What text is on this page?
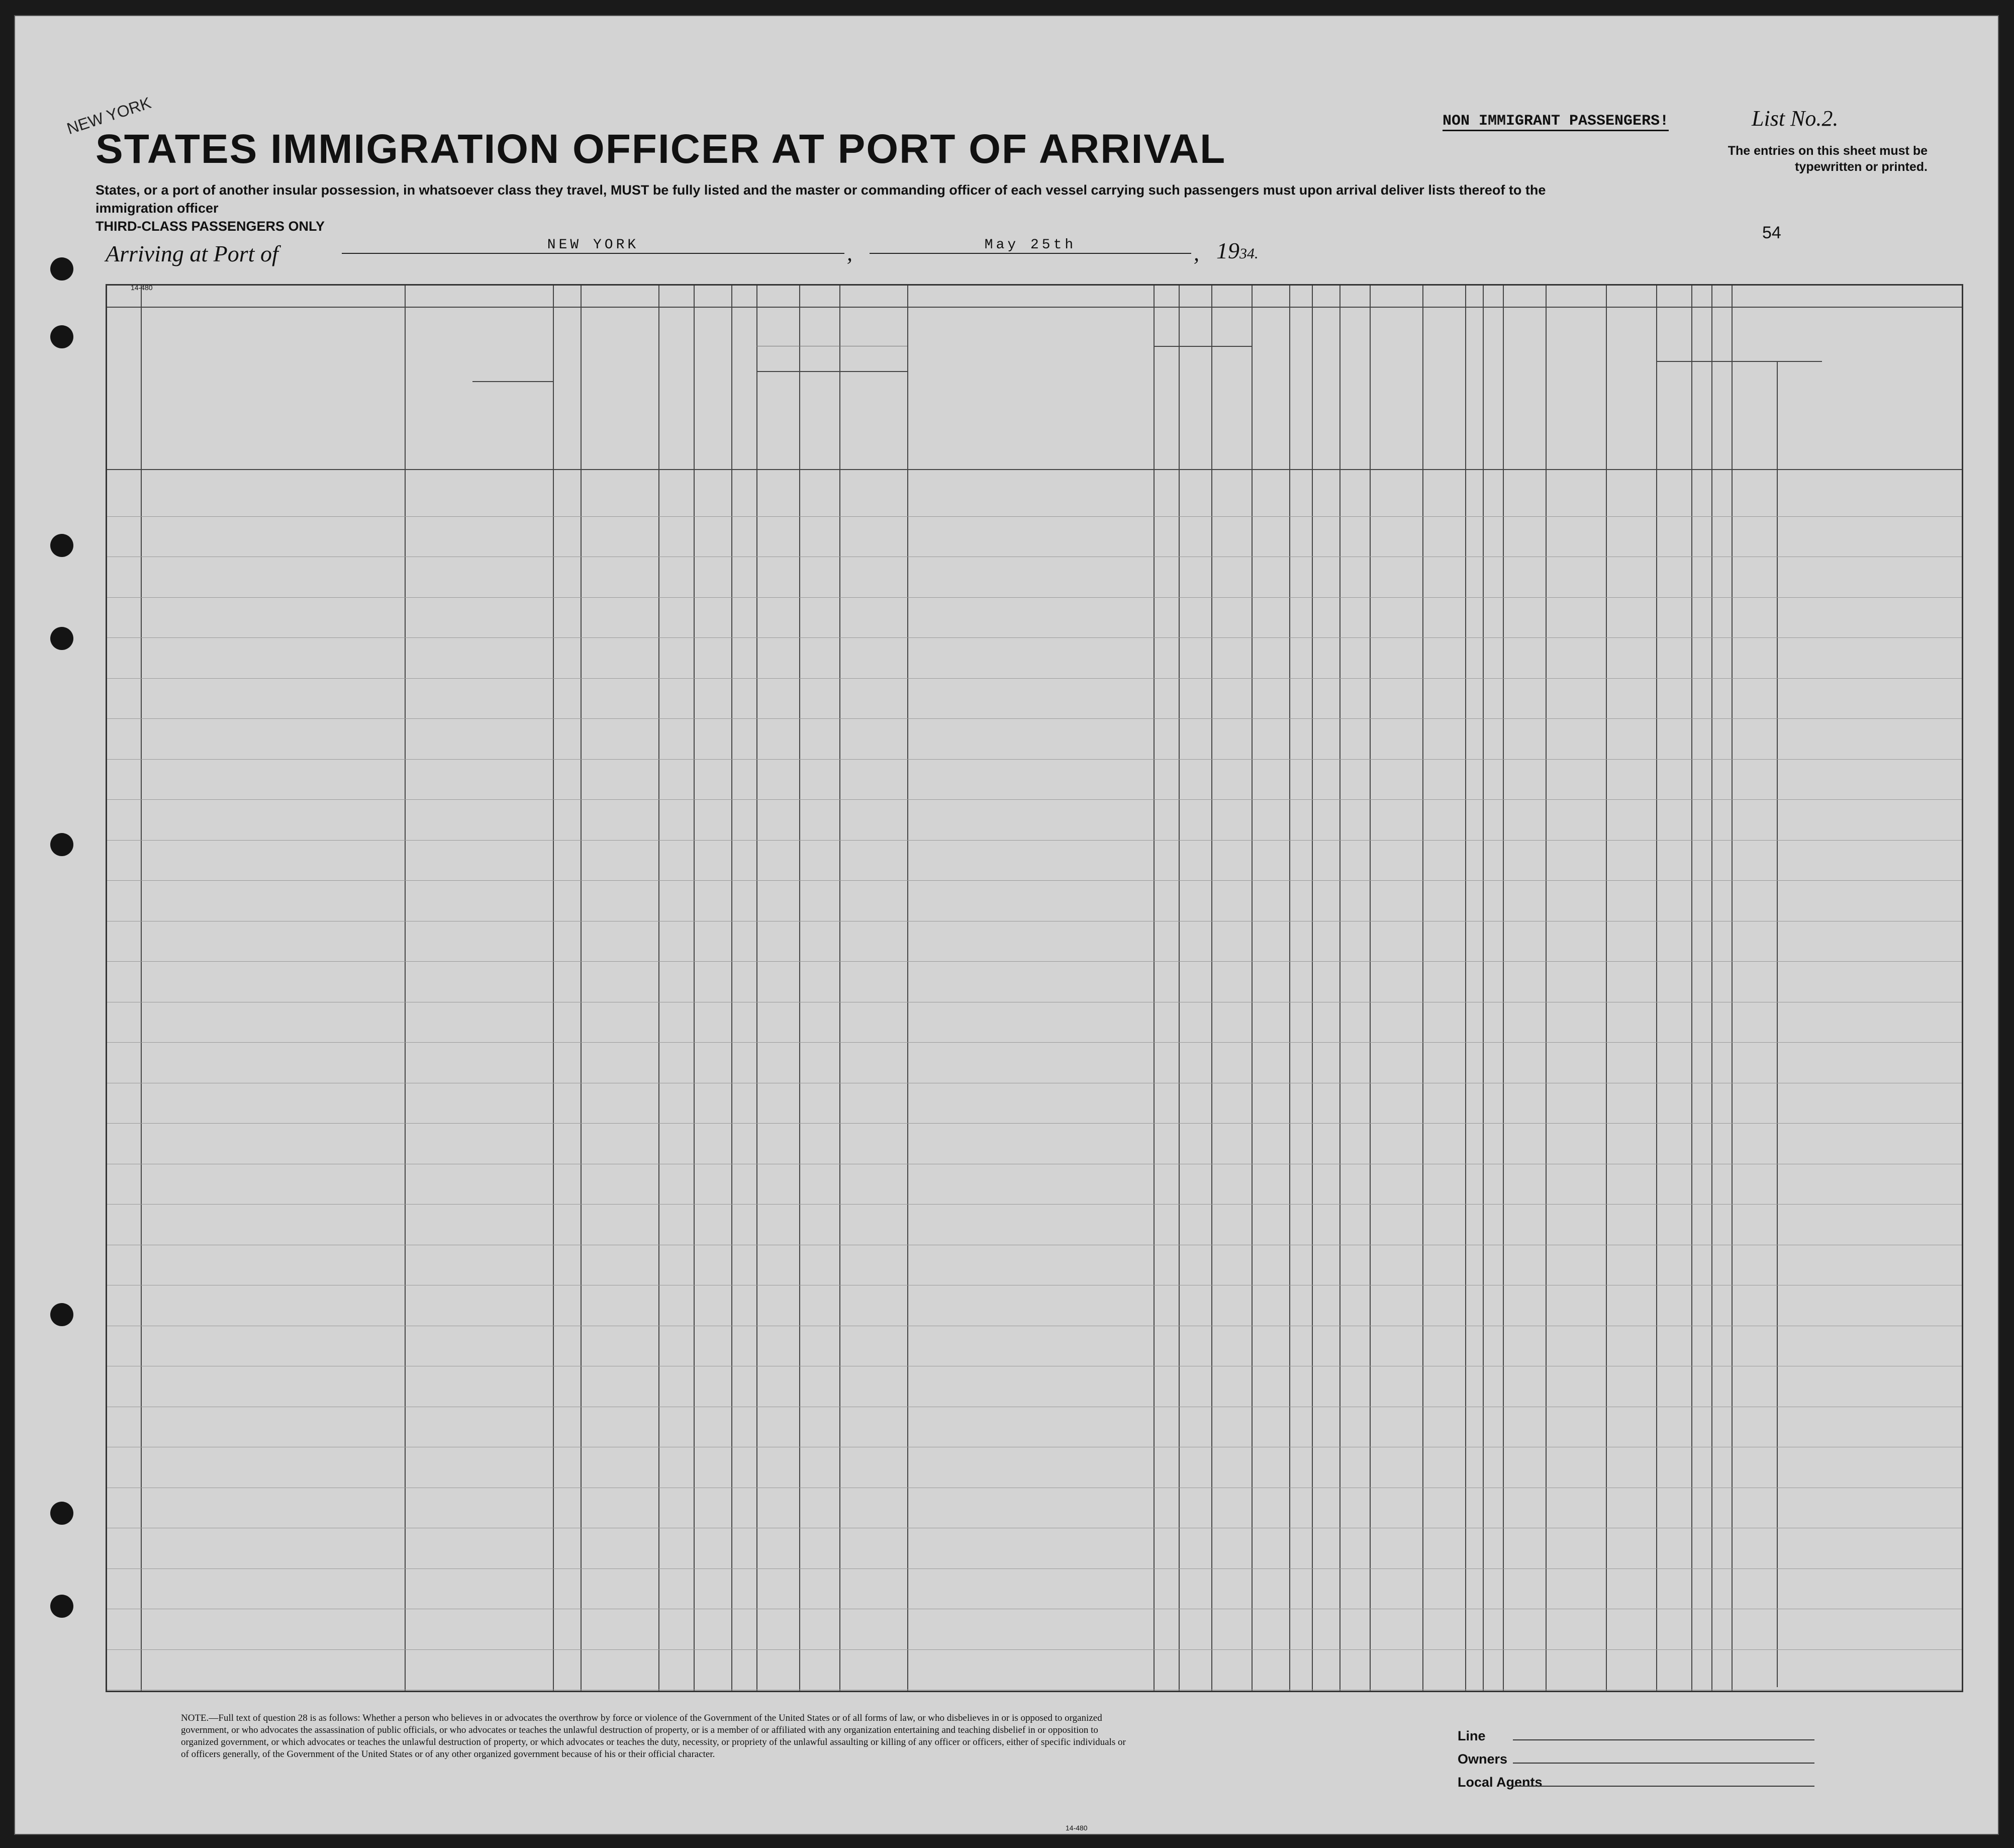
NEW YORK
STATES IMMIGRATION OFFICER AT PORT OF ARRIVAL
States, or a port of another insular possession, in whatsoever class they travel, MUST be fully listed and the master or commanding officer of each vessel carrying such passengers must upon arrival deliver lists thereof to the immigration officer
THIRD-CLASS PASSENGERS ONLY
NON IMMIGRANT PASSENGERS!	List No.2.
The entries on this sheet must be typewritten or printed.
54
Arriving at Port of	NEW YORK	,	May 25th	, 1934.
14-480
NOTE.—Full text of question 28 is as follows: Whether a person who believes in or advocates the overthrow by force or violence of the Government of the United States or of all forms of law, or who disbelieves in or is opposed to organized government, or who advocates the assassination of public officials, or who advocates or teaches the unlawful destruction of property, or is a member of or affiliated with any organization entertaining and teaching disbelief in or opposition to organized government, or which advocates or teaches the unlawful destruction of property, or which advocates or teaches the duty, necessity, or propriety of the unlawful assaulting or killing of any officer or officers, either of specific individuals or of officers generally, of the Government of the United States or of any other organized government because of his or their official character.
14-480
Line
Owners
Local Agents
